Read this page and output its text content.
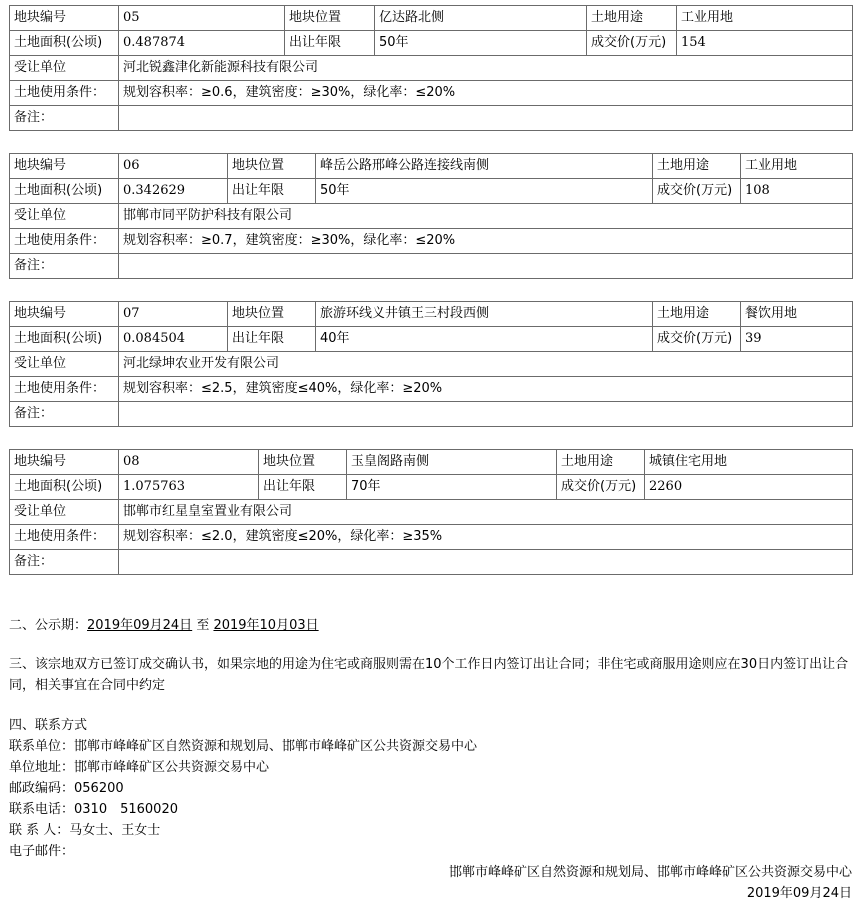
地块编号	05	地块位置	亿达路北侧	土地用途	工业用地
土地面积(公顷)	0.487874	出让年限	50年	成交价(万元)	154
受让单位	河北锐鑫津化新能源科技有限公司				
土地使用条件：	规划容积率：≥0.6，建筑密度：≥30%，绿化率：≤20%				
备注：					
地块编号	06	地块位置	峰岳公路邢峰公路连接线南侧	土地用途	工业用地
土地面积(公顷)	0.342629	出让年限	50年	成交价(万元)	108
受让单位	邯郸市同平防护科技有限公司				
土地使用条件：	规划容积率：≥0.7，建筑密度：≥30%，绿化率：≤20%				
备注：					
地块编号	07	地块位置	旅游环线义井镇王三村段西侧	土地用途	餐饮用地
土地面积(公顷)	0.084504	出让年限	40年	成交价(万元)	39
受让单位	河北绿坤农业开发有限公司				
土地使用条件：	规划容积率：≤2.5，建筑密度≤40%，绿化率：≥20%				
备注：					
地块编号	08	地块位置	玉皇阁路南侧	土地用途	城镇住宅用地
土地面积(公顷)	1.075763	出让年限	70年	成交价(万元)	2260
受让单位	邯郸市红星皇室置业有限公司				
土地使用条件：	规划容积率：≤2.0，建筑密度≤20%，绿化率：≥35%				
备注：					
二、公示期：2019年09月24日 至 2019年10月03日
三、该宗地双方已签订成交确认书，如果宗地的用途为住宅或商服则需在10个工作日内签订出让合同；非住宅或商服用途则应在30日内签订出让合同，相关事宜在合同中约定
四、联系方式
联系单位：邯郸市峰峰矿区自然资源和规划局、邯郸市峰峰矿区公共资源交易中心
单位地址：邯郸市峰峰矿区公共资源交易中心
邮政编码：056200
联系电话：0310　5160020
联 系 人：马女士、王女士
电子邮件：
邯郸市峰峰矿区自然资源和规划局、邯郸市峰峰矿区公共资源交易中心
2019年09月24日
